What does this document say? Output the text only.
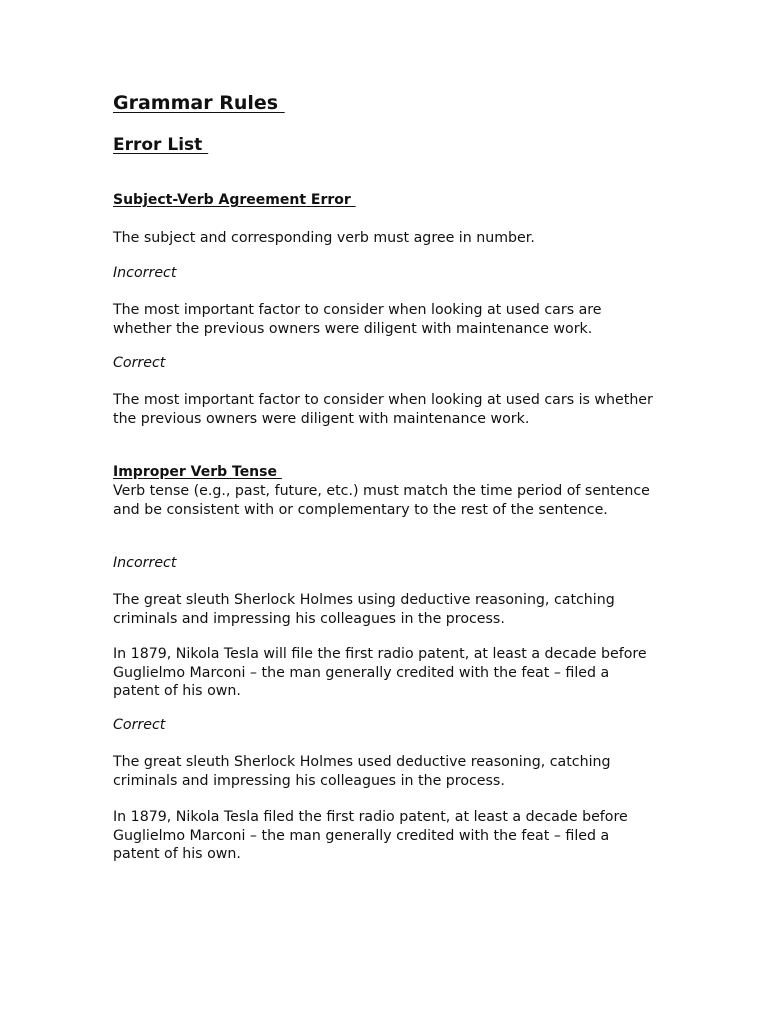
Grammar Rules
Error List
Subject-Verb Agreement Error
The subject and corresponding verb must agree in number.
Incorrect
The most important factor to consider when looking at used cars are whether the previous owners were diligent with maintenance work.
Correct
The most important factor to consider when looking at used cars is whether the previous owners were diligent with maintenance work.
Improper Verb Tense
Verb tense (e.g., past, future, etc.) must match the time period of sentence and be consistent with or complementary to the rest of the sentence.
Incorrect
The great sleuth Sherlock Holmes using deductive reasoning, catching criminals and impressing his colleagues in the process.
In 1879, Nikola Tesla will file the first radio patent, at least a decade before Guglielmo Marconi – the man generally credited with the feat – filed a patent of his own.
Correct
The great sleuth Sherlock Holmes used deductive reasoning, catching criminals and impressing his colleagues in the process.
In 1879, Nikola Tesla filed the first radio patent, at least a decade before Guglielmo Marconi – the man generally credited with the feat – filed a patent of his own.
